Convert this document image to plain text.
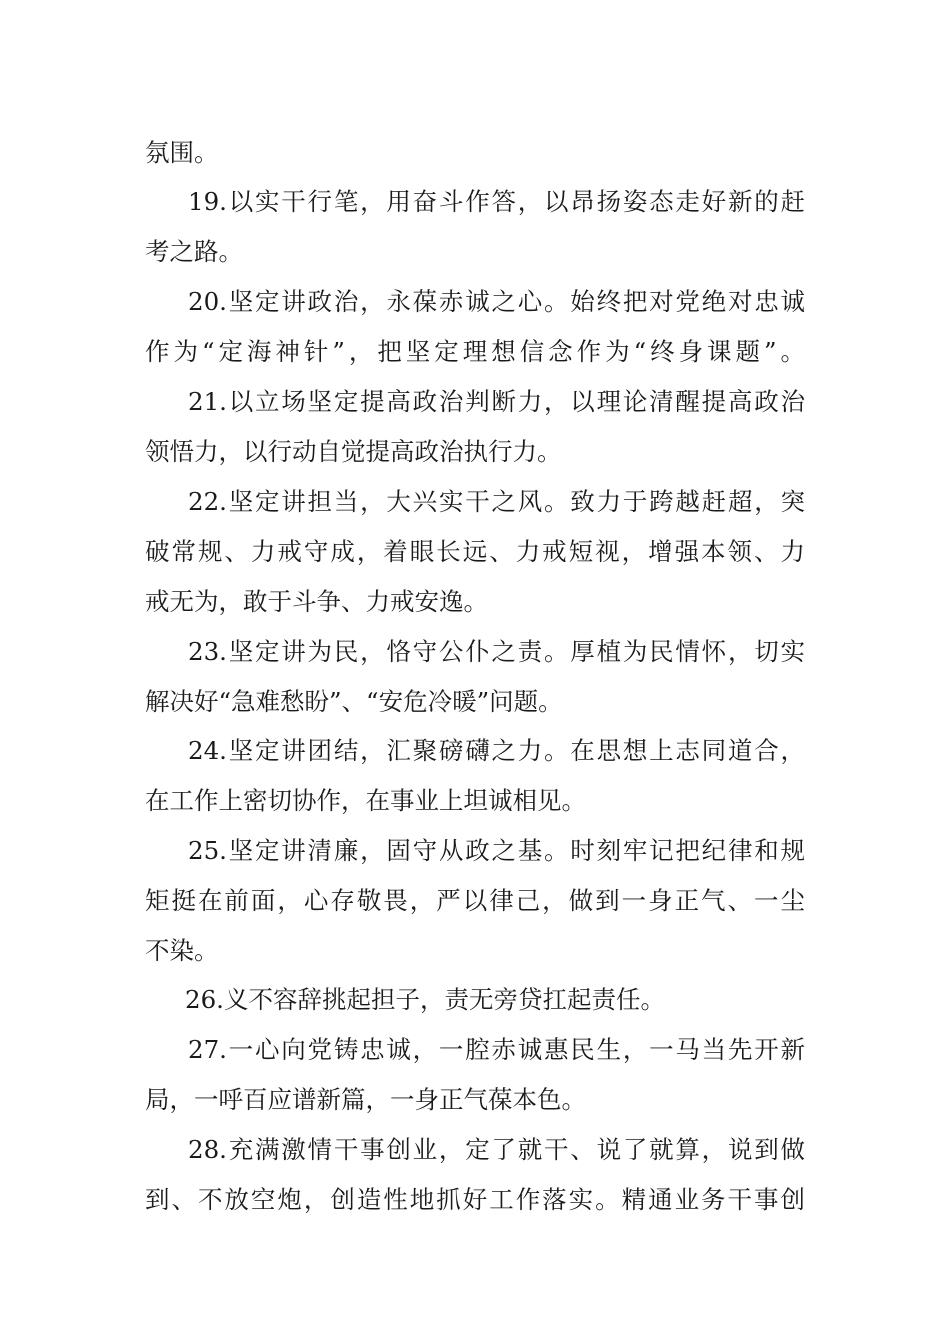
氛围。

19.以实干行笔，用奋斗作答，以昂扬姿态走好新的赶

考之路。

20.坚定讲政治，永葆赤诚之心。始终把对党绝对忠诚

作为“定海神针”，把坚定理想信念作为“终身课题”。

21.以立场坚定提高政治判断力，以理论清醒提高政治

领悟力，以行动自觉提高政治执行力。

22.坚定讲担当，大兴实干之风。致力于跨越赶超，突

破常规、力戒守成，着眼长远、力戒短视，增强本领、力

戒无为，敢于斗争、力戒安逸。

23.坚定讲为民，恪守公仆之责。厚植为民情怀，切实

解决好“急难愁盼”、“安危冷暖”问题。

24.坚定讲团结，汇聚磅礴之力。在思想上志同道合，

在工作上密切协作，在事业上坦诚相见。

25.坚定讲清廉，固守从政之基。时刻牢记把纪律和规

矩挺在前面，心存敬畏，严以律己，做到一身正气、一尘

不染。

26.义不容辞挑起担子，责无旁贷扛起责任。

27.一心向党铸忠诚，一腔赤诚惠民生，一马当先开新

局，一呼百应谱新篇，一身正气葆本色。

28.充满激情干事创业，定了就干、说了就算，说到做

到、不放空炮，创造性地抓好工作落实。精通业务干事创
